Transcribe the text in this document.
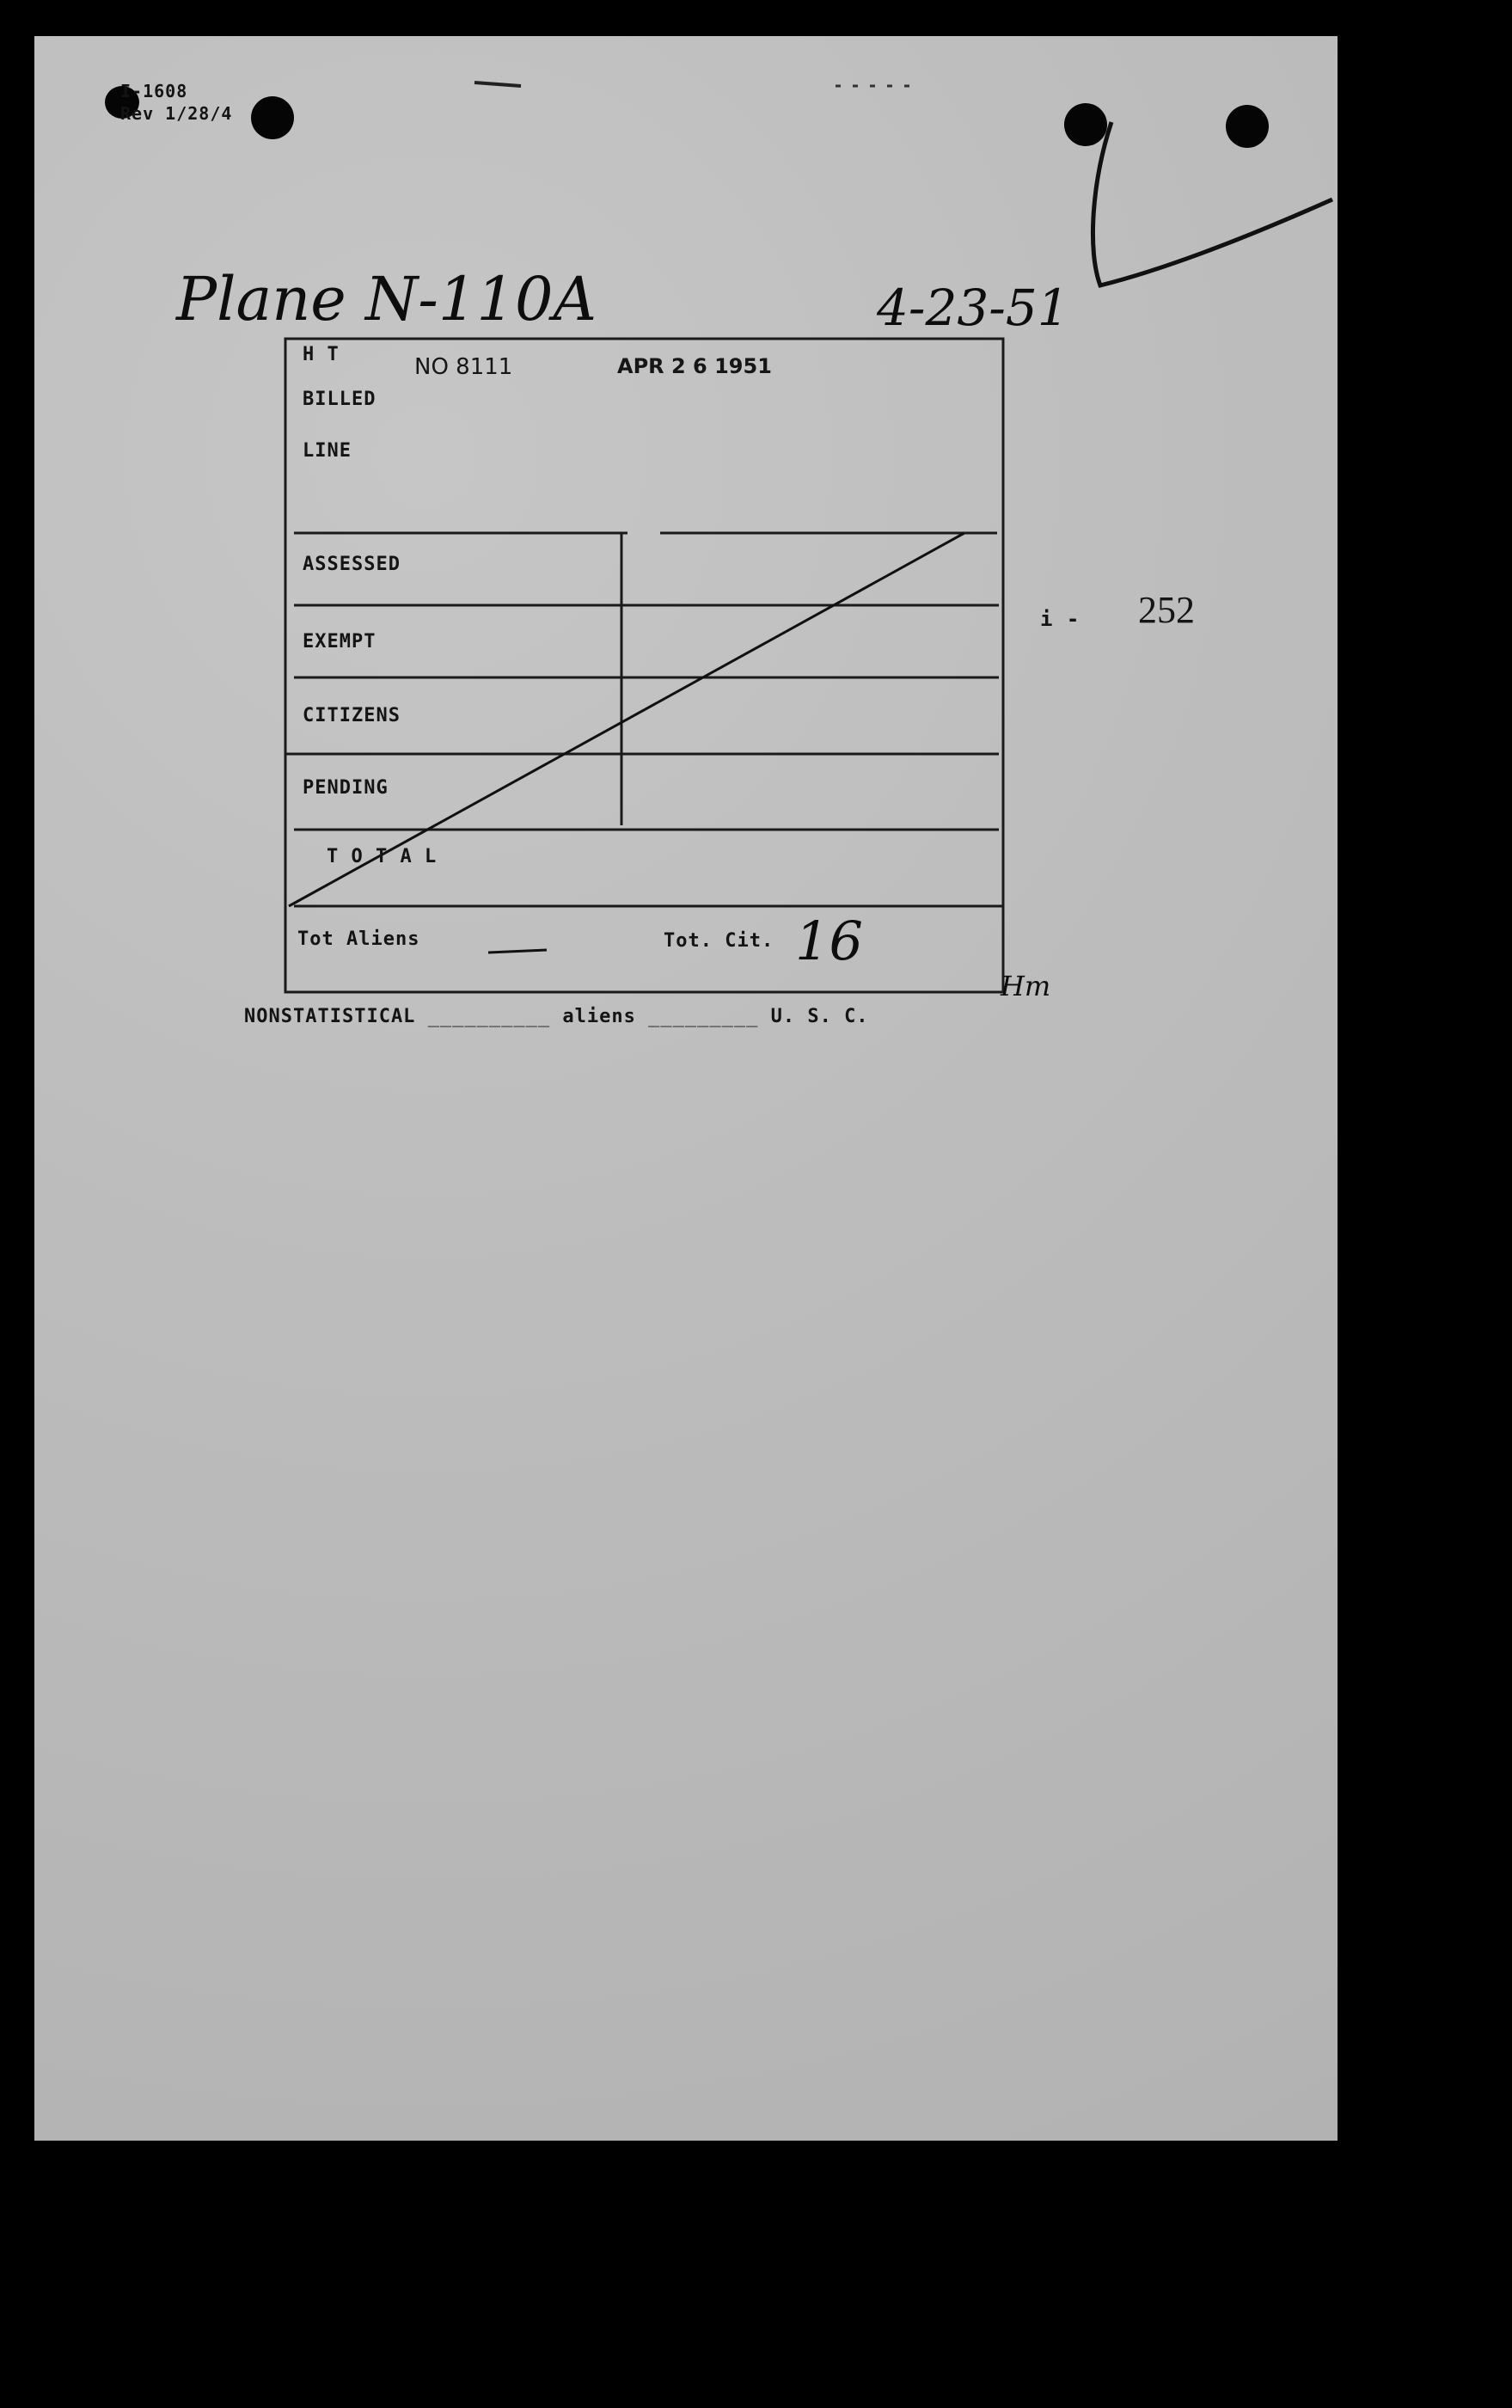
I-1608
Rev 1/28/4
Plane N-110A	4-23-51
NO 8111	APR 2 6 1951
H T
BILLED
LINE
ASSESSED
EXEMPT
CITIZENS
PENDING
T O T A L
Tot Aliens	Tot. Cit. 16
Hm
i - 252
NONSTATISTICAL __________ aliens _________ U. S. C.
